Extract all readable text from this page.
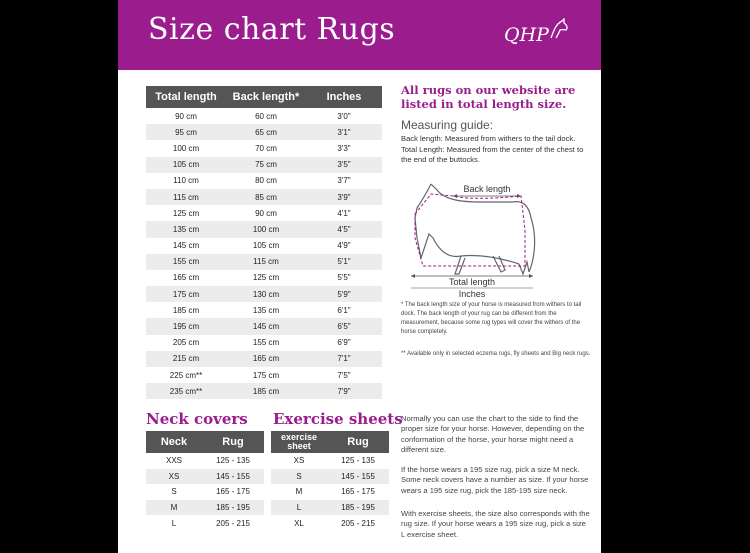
Size chart Rugs	QHP
Total length	Back length*	Inches
90 cm	60 cm	3'0"
95 cm	65 cm	3'1"
100 cm	70 cm	3'3"
105 cm	75 cm	3'5"
110 cm	80 cm	3'7"
115 cm	85 cm	3'9"
125 cm	90 cm	4'1"
135 cm	100 cm	4'5"
145 cm	105 cm	4'9"
155 cm	115 cm	5'1"
165 cm	125 cm	5'5"
175 cm	130 cm	5'9"
185 cm	135 cm	6'1"
195 cm	145 cm	6'5"
205 cm	155 cm	6'9"
215 cm	165 cm	7'1"
225 cm**	175 cm	7'5"
235 cm**	185 cm	7'9"

All rugs on our website are listed in total length size.

Measuring guide:

Back length: Measured from withers to the tail dock.
Total Length: Measured from the center of the chest to the end of the buttocks.

Back length
Total length
Inches

* The back length size of your horse is measured from withers to tail dock. The back length of your rug can be different from the measurement, because some rug types will cover the withers of the horse completely.

** Available only in selected eczema rugs, fly sheets and Big neck rugs.

Neck covers
Neck	Rug
XXS	125 - 135
XS	145 - 155
S	165 - 175
M	185 - 195
L	205 - 215
Exercise sheets
exercise sheet	Rug
XS	125 - 135
S	145 - 155
M	165 - 175
L	185 - 195
XL	205 - 215

Normally you can use the chart to the side to find the proper size for your horse. However, depending on the conformation of the horse, your horse might need a different size.

If the horse wears a 195 size rug, pick a size M neck. Some neck covers have a number as size. If your horse wears a 195 size rug, pick the 185-195 size neck.

With exercise sheets, the size also corresponds with the rug size. If your horse wears a 195 size rug, pick a size L exercise sheet.
